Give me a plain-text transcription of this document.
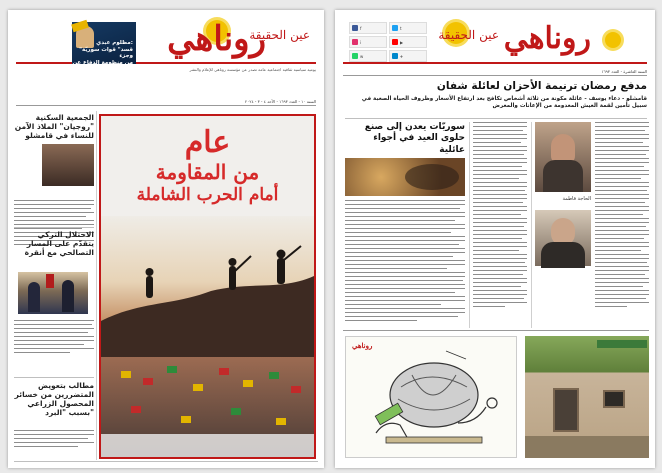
مظلوم عبدي:
"قسد" قوات سوريّة وجزء
من منظومة الدفاع عن
الأراضي السورية
روناهي
عين الحقيقة
يومية سياسية ثقافية اجتماعية عامة تصدر عن مؤسسة روناهي للإعلام والنشر
السنة ١٠ - العدد ١٦٩٣ - الأحد ٤ - ٣ - ٢٠٢٤
الجمعية السكنية "روجيان" الملاذ الآمن للنساء في قامشلو
الاحتلال التركي يتقدّم على المسار التصالحي مع أنقرة
مطالب بتعويض المتضررين من خسائر المحصول الزراعي بسبب "البرد"
عام
من المقاومة
أمام الحرب الشاملة
f	t
i	▶
w	✈	روناهي
عين الحقيقة
السنة العاشرة - العدد ١٦٩٣
مدفع رمضان ترنيمة الأحزان لعائلة شفان
قامشلو - دعاء يوسف - عائلة مكونة من ثلاثة أشخاص تكافح بعد ارتفاع الأسعار وظروف الحياة الصعبة في سبيل تأمين لقمة العيش المعدومة من الإعانات والمعرض
سوريّات يعدن إلى صنع حلوى العيد في أجواء عائلية
الحاجة فاطمة
روناهي
